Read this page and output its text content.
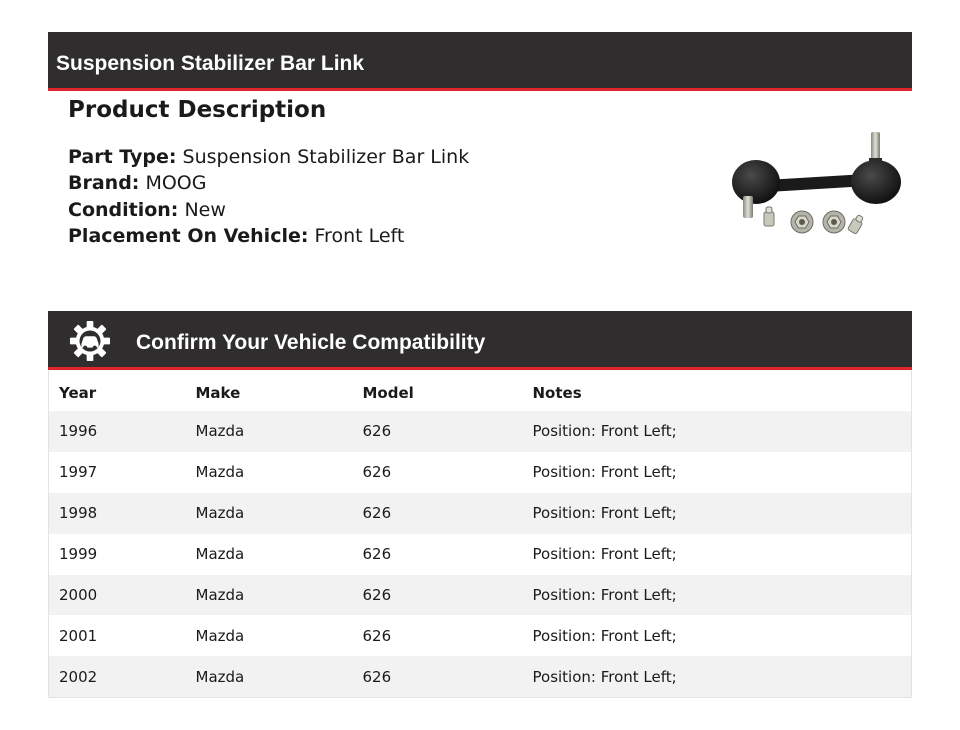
Suspension Stabilizer Bar Link
Product Description
Part Type: Suspension Stabilizer Bar Link
Brand: MOOG
Condition: New
Placement On Vehicle: Front Left
Confirm Your Vehicle Compatibility
Year	Make	Model	Notes
1996	Mazda	626	Position: Front Left;
1997	Mazda	626	Position: Front Left;
1998	Mazda	626	Position: Front Left;
1999	Mazda	626	Position: Front Left;
2000	Mazda	626	Position: Front Left;
2001	Mazda	626	Position: Front Left;
2002	Mazda	626	Position: Front Left;
